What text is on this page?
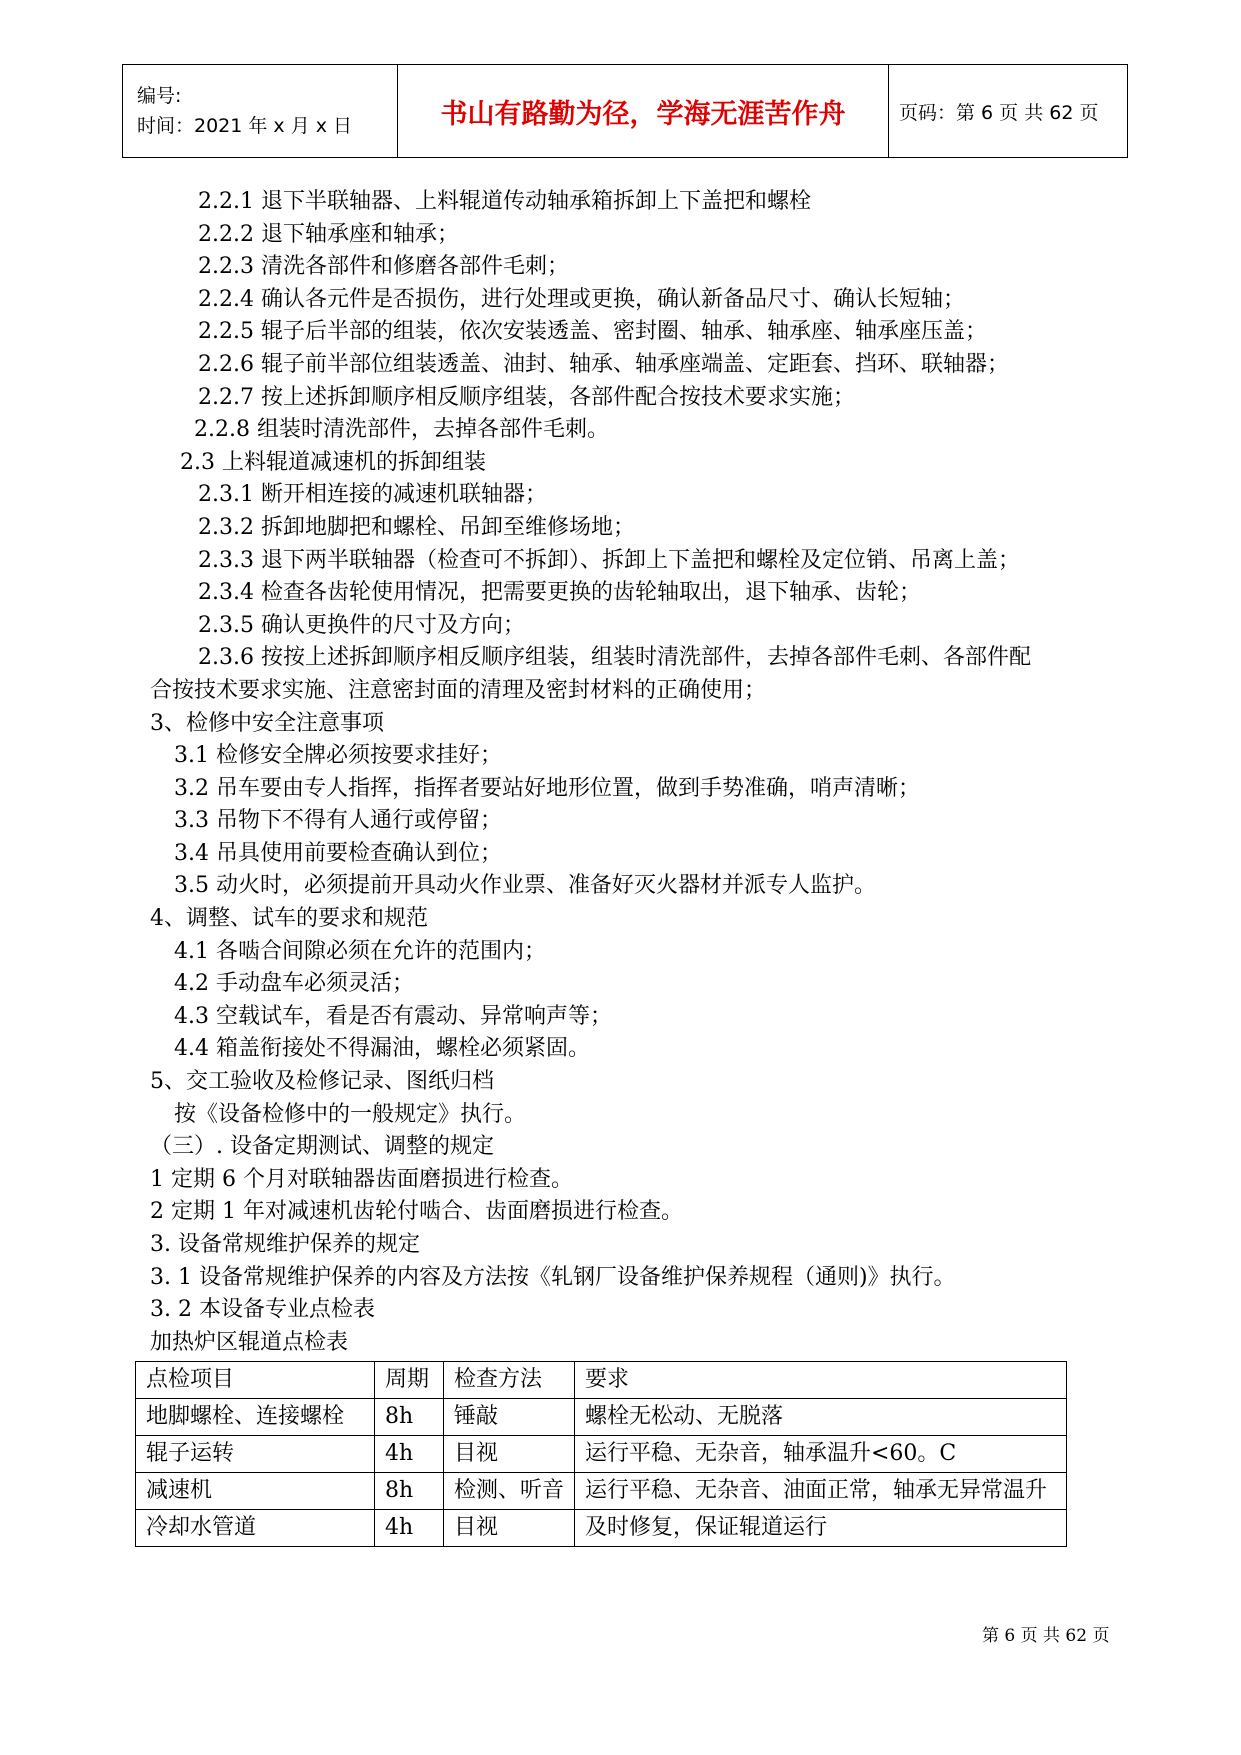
编号:
时间：2021 年 x 月 x 日	书山有路勤为径，学海无涯苦作舟	页码：第 6 页 共 62 页
2.2.1 退下半联轴器、上料辊道传动轴承箱拆卸上下盖把和螺栓
2.2.2 退下轴承座和轴承；
2.2.3 清洗各部件和修磨各部件毛刺；
2.2.4 确认各元件是否损伤，进行处理或更换，确认新备品尺寸、确认长短轴；
2.2.5 辊子后半部的组装，依次安装透盖、密封圈、轴承、轴承座、轴承座压盖；
2.2.6 辊子前半部位组装透盖、油封、轴承、轴承座端盖、定距套、挡环、联轴器；
2.2.7 按上述拆卸顺序相反顺序组装，各部件配合按技术要求实施；
2.2.8 组装时清洗部件，去掉各部件毛刺。
2.3 上料辊道减速机的拆卸组装
2.3.1 断开相连接的减速机联轴器；
2.3.2 拆卸地脚把和螺栓、吊卸至维修场地；
2.3.3 退下两半联轴器（检查可不拆卸）、拆卸上下盖把和螺栓及定位销、吊离上盖；
2.3.4 检查各齿轮使用情况，把需要更换的齿轮轴取出，退下轴承、齿轮；
2.3.5 确认更换件的尺寸及方向；
2.3.6 按按上述拆卸顺序相反顺序组装，组装时清洗部件，去掉各部件毛刺、各部件配
合按技术要求实施、注意密封面的清理及密封材料的正确使用；
3、检修中安全注意事项
3.1 检修安全牌必须按要求挂好；
3.2 吊车要由专人指挥，指挥者要站好地形位置，做到手势准确，哨声清晰；
3.3 吊物下不得有人通行或停留；
3.4 吊具使用前要检查确认到位；
3.5 动火时，必须提前开具动火作业票、准备好灭火器材并派专人监护。
4、调整、试车的要求和规范
4.1 各啮合间隙必须在允许的范围内；
4.2 手动盘车必须灵活；
4.3 空载试车，看是否有震动、异常响声等；
4.4 箱盖衔接处不得漏油，螺栓必须紧固。
5、交工验收及检修记录、图纸归档
按《设备检修中的一般规定》执行。
（三）. 设备定期测试、调整的规定
1 定期 6 个月对联轴器齿面磨损进行检查。
2 定期 1 年对减速机齿轮付啮合、齿面磨损进行检查。
3. 设备常规维护保养的规定
3. 1 设备常规维护保养的内容及方法按《轧钢厂设备维护保养规程（通则)》执行。
3. 2 本设备专业点检表
加热炉区辊道点检表
点检项目	周期	检查方法	要求
地脚螺栓、连接螺栓	8h	锤敲	螺栓无松动、无脱落
辊子运转	4h	目视	运行平稳、无杂音，轴承温升<60。C
减速机	8h	检测、听音	运行平稳、无杂音、油面正常，轴承无异常温升
冷却水管道	4h	目视	及时修复，保证辊道运行
第 6 页 共 62 页
